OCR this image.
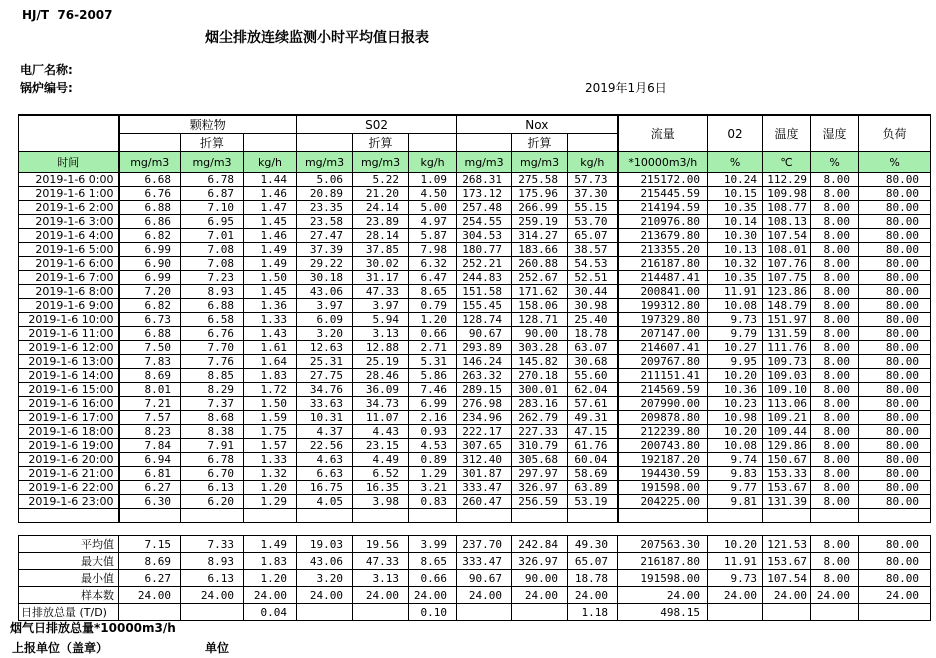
HJ/T  76-2007
烟尘排放连续监测小时平均值日报表
电厂名称:
锅炉编号:	2019年1月6日
	颗粒物			S02			Nox			流量	02	温度	湿度	负荷
		折算			折算			折算						
时间	mg/m3	mg/m3	kg/h	mg/m3	mg/m3	kg/h	mg/m3	mg/m3	kg/h	*10000m3/h	%	℃	%	%
2019-1-6 0:00	6.68	6.78	1.44	5.06	5.22	1.09	268.31	275.58	57.73	215172.00	10.24	112.29	8.00	80.00
2019-1-6 1:00	6.76	6.87	1.46	20.89	21.20	4.50	173.12	175.96	37.30	215445.59	10.15	109.98	8.00	80.00
2019-1-6 2:00	6.88	7.10	1.47	23.35	24.14	5.00	257.48	266.99	55.15	214194.59	10.35	108.77	8.00	80.00
2019-1-6 3:00	6.86	6.95	1.45	23.58	23.89	4.97	254.55	259.19	53.70	210976.80	10.14	108.13	8.00	80.00
2019-1-6 4:00	6.82	7.01	1.46	27.47	28.14	5.87	304.53	314.27	65.07	213679.80	10.30	107.54	8.00	80.00
2019-1-6 5:00	6.99	7.08	1.49	37.39	37.85	7.98	180.77	183.66	38.57	213355.20	10.13	108.01	8.00	80.00
2019-1-6 6:00	6.90	7.08	1.49	29.22	30.02	6.32	252.21	260.88	54.53	216187.80	10.32	107.76	8.00	80.00
2019-1-6 7:00	6.99	7.23	1.50	30.18	31.17	6.47	244.83	252.67	52.51	214487.41	10.35	107.75	8.00	80.00
2019-1-6 8:00	7.20	8.93	1.45	43.06	47.33	8.65	151.58	171.62	30.44	200841.00	11.91	123.86	8.00	80.00
2019-1-6 9:00	6.82	6.88	1.36	3.97	3.97	0.79	155.45	158.06	30.98	199312.80	10.08	148.79	8.00	80.00
2019-1-6 10:00	6.73	6.58	1.33	6.09	5.94	1.20	128.74	128.71	25.40	197329.80	9.73	151.97	8.00	80.00
2019-1-6 11:00	6.88	6.76	1.43	3.20	3.13	0.66	90.67	90.00	18.78	207147.00	9.79	131.59	8.00	80.00
2019-1-6 12:00	7.50	7.70	1.61	12.63	12.88	2.71	293.89	303.28	63.07	214607.41	10.27	111.76	8.00	80.00
2019-1-6 13:00	7.83	7.76	1.64	25.31	25.19	5.31	146.24	145.82	30.68	209767.80	9.95	109.73	8.00	80.00
2019-1-6 14:00	8.69	8.85	1.83	27.75	28.46	5.86	263.32	270.18	55.60	211151.41	10.20	109.03	8.00	80.00
2019-1-6 15:00	8.01	8.29	1.72	34.76	36.09	7.46	289.15	300.01	62.04	214569.59	10.36	109.10	8.00	80.00
2019-1-6 16:00	7.21	7.37	1.50	33.63	34.73	6.99	276.98	283.16	57.61	207990.00	10.23	113.06	8.00	80.00
2019-1-6 17:00	7.57	8.68	1.59	10.31	11.07	2.16	234.96	262.79	49.31	209878.80	10.98	109.21	8.00	80.00
2019-1-6 18:00	8.23	8.38	1.75	4.37	4.43	0.93	222.17	227.33	47.15	212239.80	10.20	109.44	8.00	80.00
2019-1-6 19:00	7.84	7.91	1.57	22.56	23.15	4.53	307.65	310.79	61.76	200743.80	10.08	129.86	8.00	80.00
2019-1-6 20:00	6.94	6.78	1.33	4.63	4.49	0.89	312.40	305.68	60.04	192187.20	9.74	150.67	8.00	80.00
2019-1-6 21:00	6.81	6.70	1.32	6.63	6.52	1.29	301.87	297.97	58.69	194430.59	9.83	153.33	8.00	80.00
2019-1-6 22:00	6.27	6.13	1.20	16.75	16.35	3.21	333.47	326.97	63.89	191598.00	9.77	153.67	8.00	80.00
2019-1-6 23:00	6.30	6.20	1.29	4.05	3.98	0.83	260.47	256.59	53.19	204225.00	9.81	131.39	8.00	80.00

平均值	7.15	7.33	1.49	19.03	19.56	3.99	237.70	242.84	49.30	207563.30	10.20	121.53	8.00	80.00
最大值	8.69	8.93	1.83	43.06	47.33	8.65	333.47	326.97	65.07	216187.80	11.91	153.67	8.00	80.00
最小值	6.27	6.13	1.20	3.20	3.13	0.66	90.67	90.00	18.78	191598.00	9.73	107.54	8.00	80.00
样本数	24.00	24.00	24.00	24.00	24.00	24.00	24.00	24.00	24.00	24.00	24.00	24.00	24.00	24.00
日排放总量 (T/D)			0.04			0.10			1.18	498.15				
烟气日排放总量*10000m3/h
上报单位（盖章）	单位
